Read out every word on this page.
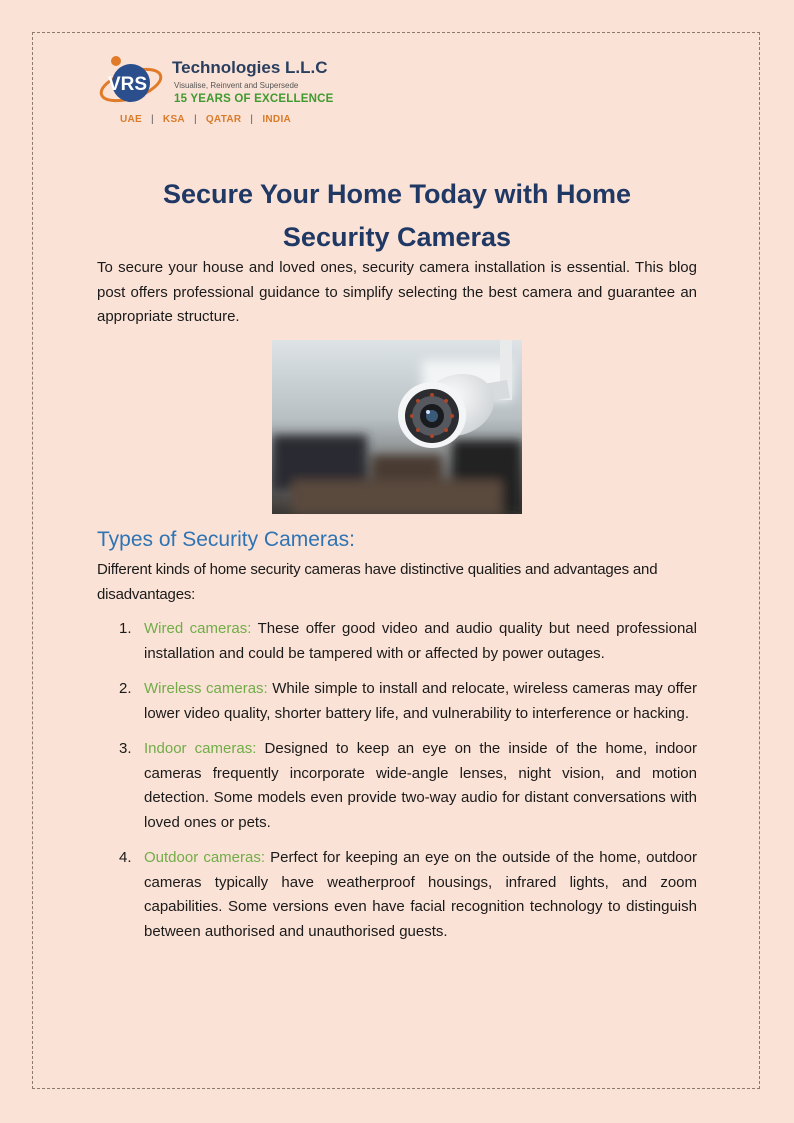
VRS
Technologies L.L.C
Visualise, Reinvent and Supersede
15 YEARS OF EXCELLENCE
UAE | KSA | QATAR | INDIA
Secure Your Home Today with Home
Security Cameras

To secure your house and loved ones, security camera installation is essential. This blog post offers professional guidance to simplify selecting the best camera and guarantee an appropriate structure.

Types of Security Cameras:

Different kinds of home security cameras have distinctive qualities and advantages and disadvantages:

1. Wired cameras: These offer good video and audio quality but need professional installation and could be tampered with or affected by power outages.
2. Wireless cameras: While simple to install and relocate, wireless cameras may offer lower video quality, shorter battery life, and vulnerability to interference or hacking.
3. Indoor cameras: Designed to keep an eye on the inside of the home, indoor cameras frequently incorporate wide-angle lenses, night vision, and motion detection. Some models even provide two-way audio for distant conversations with loved ones or pets.
4. Outdoor cameras: Perfect for keeping an eye on the outside of the home, outdoor cameras typically have weatherproof housings, infrared lights, and zoom capabilities. Some versions even have facial recognition technology to distinguish between authorised and unauthorised guests.
